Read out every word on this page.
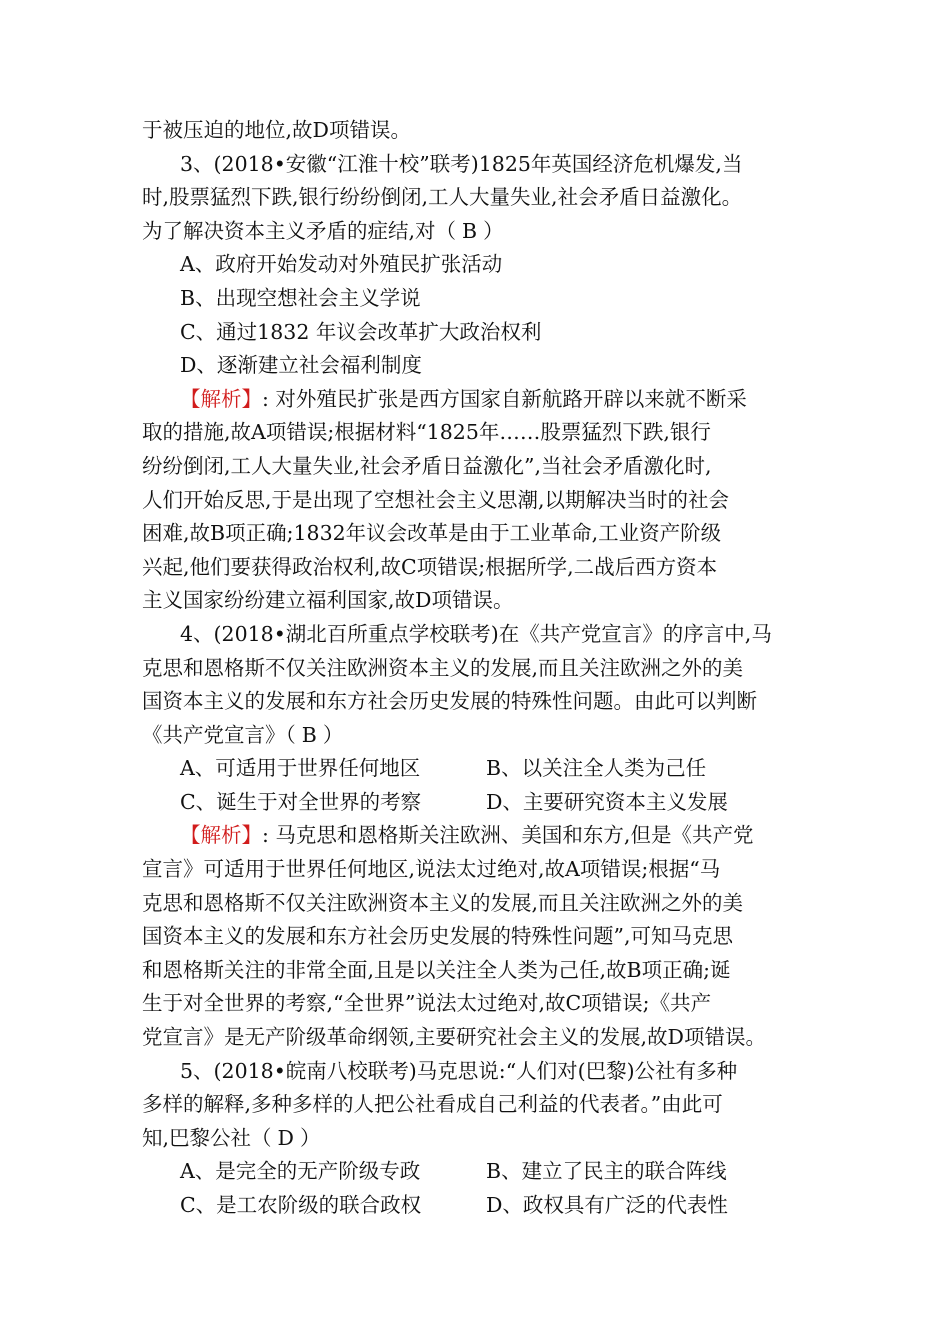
于被压迫的地位,故D项错误。
3、(2018•安徽“江淮十校”联考)1825年英国经济危机爆发,当
时,股票猛烈下跌,银行纷纷倒闭,工人大量失业,社会矛盾日益激化。
为了解决资本主义矛盾的症结,对（ B ）
A、政府开始发动对外殖民扩张活动
B、出现空想社会主义学说
C、通过1832 年议会改革扩大政治权利
D、逐渐建立社会福利制度
【解析】: 对外殖民扩张是西方国家自新航路开辟以来就不断采
取的措施,故A项错误;根据材料“1825年……股票猛烈下跌,银行
纷纷倒闭,工人大量失业,社会矛盾日益激化”,当社会矛盾激化时,
人们开始反思,于是出现了空想社会主义思潮,以期解决当时的社会
困难,故B项正确;1832年议会改革是由于工业革命,工业资产阶级
兴起,他们要获得政治权利,故C项错误;根据所学,二战后西方资本
主义国家纷纷建立福利国家,故D项错误。
4、(2018•湖北百所重点学校联考)在《共产党宣言》的序言中,马
克思和恩格斯不仅关注欧洲资本主义的发展,而且关注欧洲之外的美
国资本主义的发展和东方社会历史发展的特殊性问题。由此可以判断
《共产党宣言》（ B ）
A、可适用于世界任何地区	B、以关注全人类为己任
C、诞生于对全世界的考察	D、主要研究资本主义发展
【解析】: 马克思和恩格斯关注欧洲、美国和东方,但是《共产党
宣言》可适用于世界任何地区,说法太过绝对,故A项错误;根据“马
克思和恩格斯不仅关注欧洲资本主义的发展,而且关注欧洲之外的美
国资本主义的发展和东方社会历史发展的特殊性问题”,可知马克思
和恩格斯关注的非常全面,且是以关注全人类为己任,故B项正确;诞
生于对全世界的考察,“全世界”说法太过绝对,故C项错误;《共产
党宣言》是无产阶级革命纲领,主要研究社会主义的发展,故D项错误。
5、(2018•皖南八校联考)马克思说:“人们对(巴黎)公社有多种
多样的解释,多种多样的人把公社看成自己利益的代表者。”由此可
知,巴黎公社（ D ）
A、是完全的无产阶级专政	B、建立了民主的联合阵线
C、是工农阶级的联合政权	D、政权具有广泛的代表性
